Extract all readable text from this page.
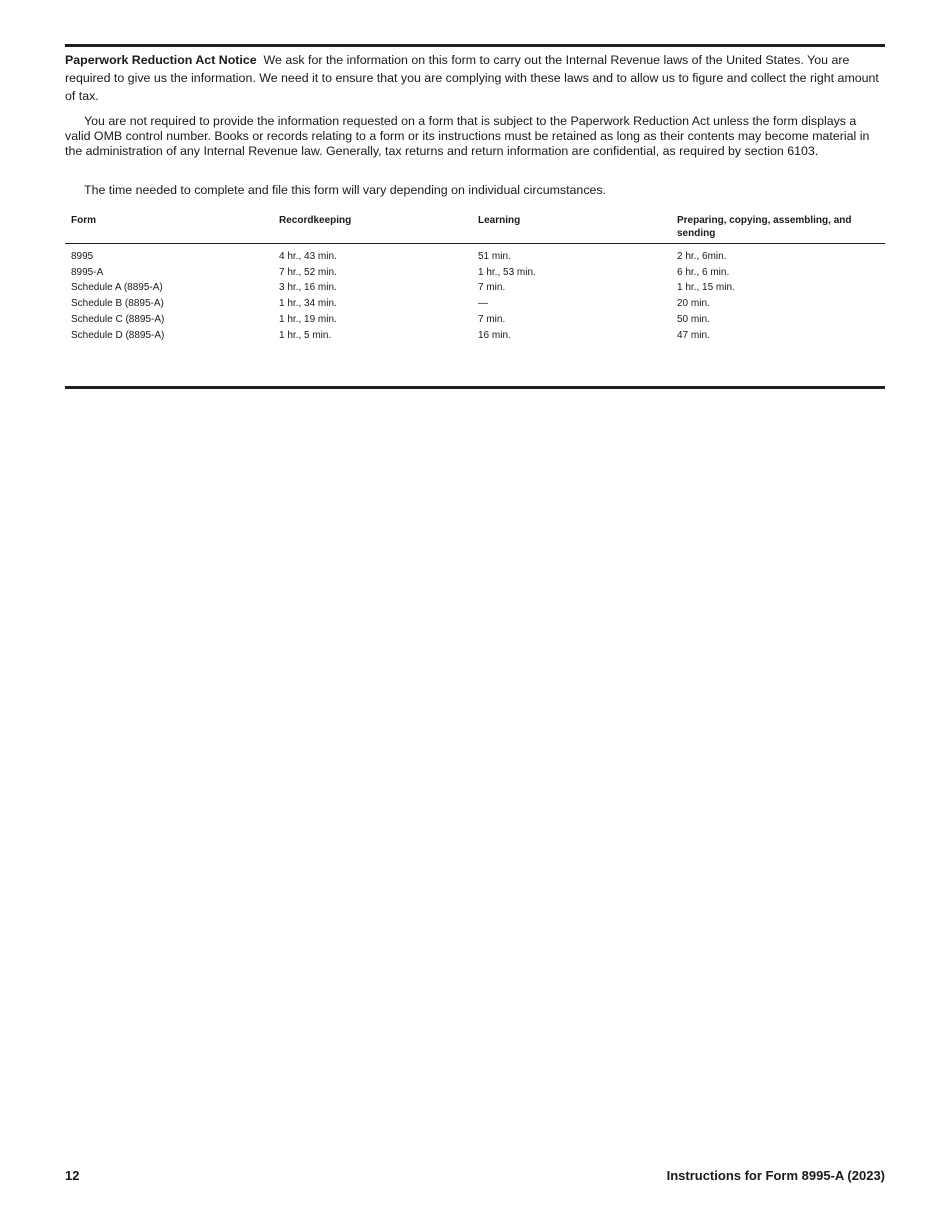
Paperwork Reduction Act Notice We ask for the information on this form to carry out the Internal Revenue laws of the United States. You are required to give us the information. We need it to ensure that you are complying with these laws and to allow us to figure and collect the right amount of tax.
You are not required to provide the information requested on a form that is subject to the Paperwork Reduction Act unless the form displays a valid OMB control number. Books or records relating to a form or its instructions must be retained as long as their contents may become material in the administration of any Internal Revenue law. Generally, tax returns and return information are confidential, as required by section 6103.
The time needed to complete and file this form will vary depending on individual circumstances.
Form	Recordkeeping	Learning	Preparing, copying, assembling, and sending
8995	4 hr., 43 min.	51 min.	2 hr., 6min.
8995-A	7 hr., 52 min.	1 hr., 53 min.	6 hr., 6 min.
Schedule A (8895-A)	3 hr., 16 min.	7 min.	1 hr., 15 min.
Schedule B (8895-A)	1 hr., 34 min.	—	20 min.
Schedule C (8895-A)	1 hr., 19 min.	7 min.	50 min.
Schedule D (8895-A)	1 hr., 5 min.	16 min.	47 min.
12	Instructions for Form 8995-A (2023)
